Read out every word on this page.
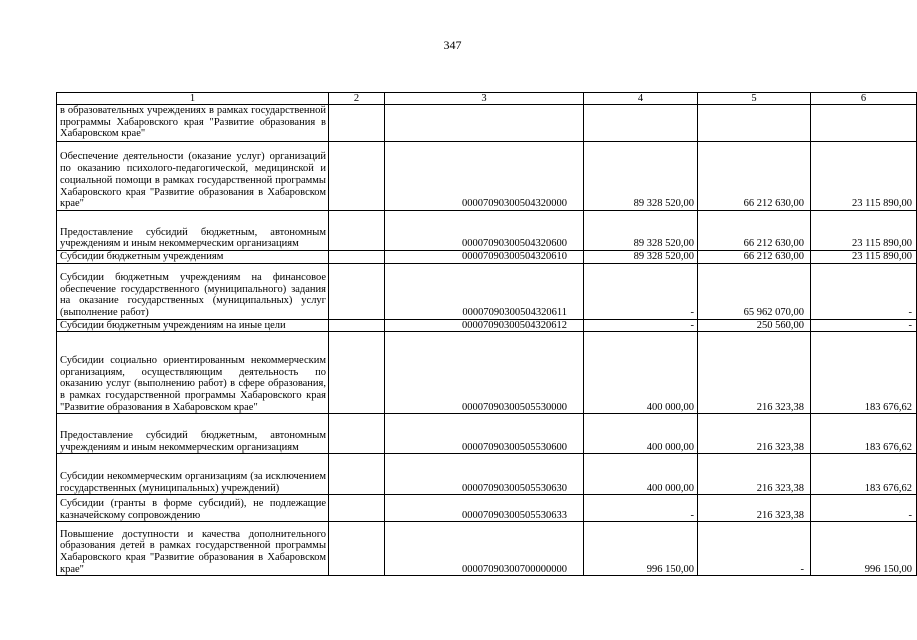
347
1	2	3	4	5	6
в образовательных учреждениях в рамках государственной программы Хабаровского края "Развитие образования в Хабаровском крае"					
Обеспечение деятельности (оказание услуг) организаций по оказанию психолого-педагогической, медицинской и социальной помощи в рамках государственной программы Хабаровского края "Развитие образования в Хабаровском крае"		00007090300504320000	89 328 520,00	66 212 630,00	23 115 890,00
Предоставление субсидий бюджетным, автономным учреждениям и иным некоммерческим организациям		00007090300504320600	89 328 520,00	66 212 630,00	23 115 890,00
Субсидии бюджетным учреждениям		00007090300504320610	89 328 520,00	66 212 630,00	23 115 890,00
Субсидии бюджетным учреждениям на финансовое обеспечение государственного (муниципального) задания на оказание государственных (муниципальных) услуг (выполнение работ)		00007090300504320611	-	65 962 070,00	-
Субсидии бюджетным учреждениям на иные цели		00007090300504320612	-	250 560,00	-
Субсидии социально ориентированным некоммерческим организациям, осуществляющим деятельность по оказанию услуг (выполнению работ) в сфере образования, в рамках государственной программы Хабаровского края "Развитие образования в Хабаровском крае"		00007090300505530000	400 000,00	216 323,38	183 676,62
Предоставление субсидий бюджетным, автономным учреждениям и иным некоммерческим организациям		00007090300505530600	400 000,00	216 323,38	183 676,62
Субсидии некоммерческим организациям (за исключением государственных (муниципальных) учреждений)		00007090300505530630	400 000,00	216 323,38	183 676,62
Субсидии (гранты в форме субсидий), не подлежащие казначейскому сопровождению		00007090300505530633	-	216 323,38	-
Повышение доступности и качества дополнительного образования детей в рамках государственной программы Хабаровского края "Развитие образования в Хабаровском крае"		00007090300700000000	996 150,00	-	996 150,00
